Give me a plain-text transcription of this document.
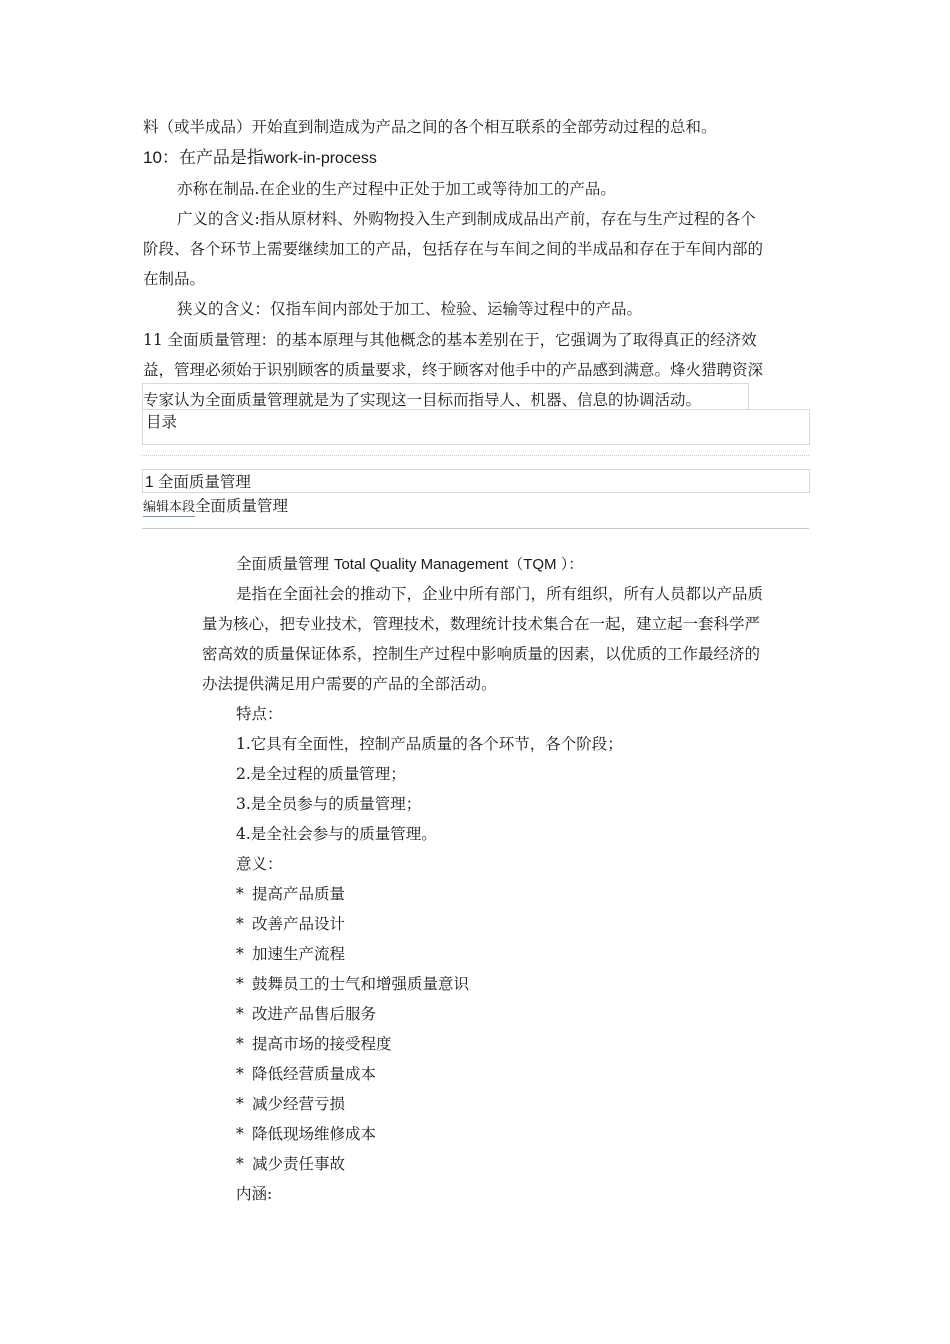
料（或半成品）开始直到制造成为产品之间的各个相互联系的全部劳动过程的总和。
10：在产品是指work-in-process
亦称在制品.在企业的生产过程中正处于加工或等待加工的产品。
广义的含义:指从原材料、外购物投入生产到制成成品出产前，存在与生产过程的各个
阶段、各个环节上需要继续加工的产品，包括存在与车间之间的半成品和存在于车间内部的
在制品。
狭义的含义：仅指车间内部处于加工、检验、运输等过程中的产品。
11 全面质量管理：的基本原理与其他概念的基本差别在于，它强调为了取得真正的经济效
益，管理必须始于识别顾客的质量要求，终于顾客对他手中的产品感到满意。烽火猎聘资深
专家认为全面质量管理就是为了实现这一目标而指导人、机器、信息的协调活动。
目录
1 全面质量管理
编辑本段全面质量管理
全面质量管理 Total Quality Management（TQM ）：
是指在全面社会的推动下，企业中所有部门，所有组织，所有人员都以产品质
量为核心，把专业技术，管理技术，数理统计技术集合在一起，建立起一套科学严
密高效的质量保证体系，控制生产过程中影响质量的因素，以优质的工作最经济的
办法提供满足用户需要的产品的全部活动。
特点：
1.它具有全面性，控制产品质量的各个环节，各个阶段；
2.是全过程的质量管理；
3.是全员参与的质量管理；
4.是全社会参与的质量管理。
意义：
* 提高产品质量
* 改善产品设计
* 加速生产流程
* 鼓舞员工的士气和增强质量意识
* 改进产品售后服务
* 提高市场的接受程度
* 降低经营质量成本
* 减少经营亏损
* 降低现场维修成本
* 减少责任事故
内涵:
